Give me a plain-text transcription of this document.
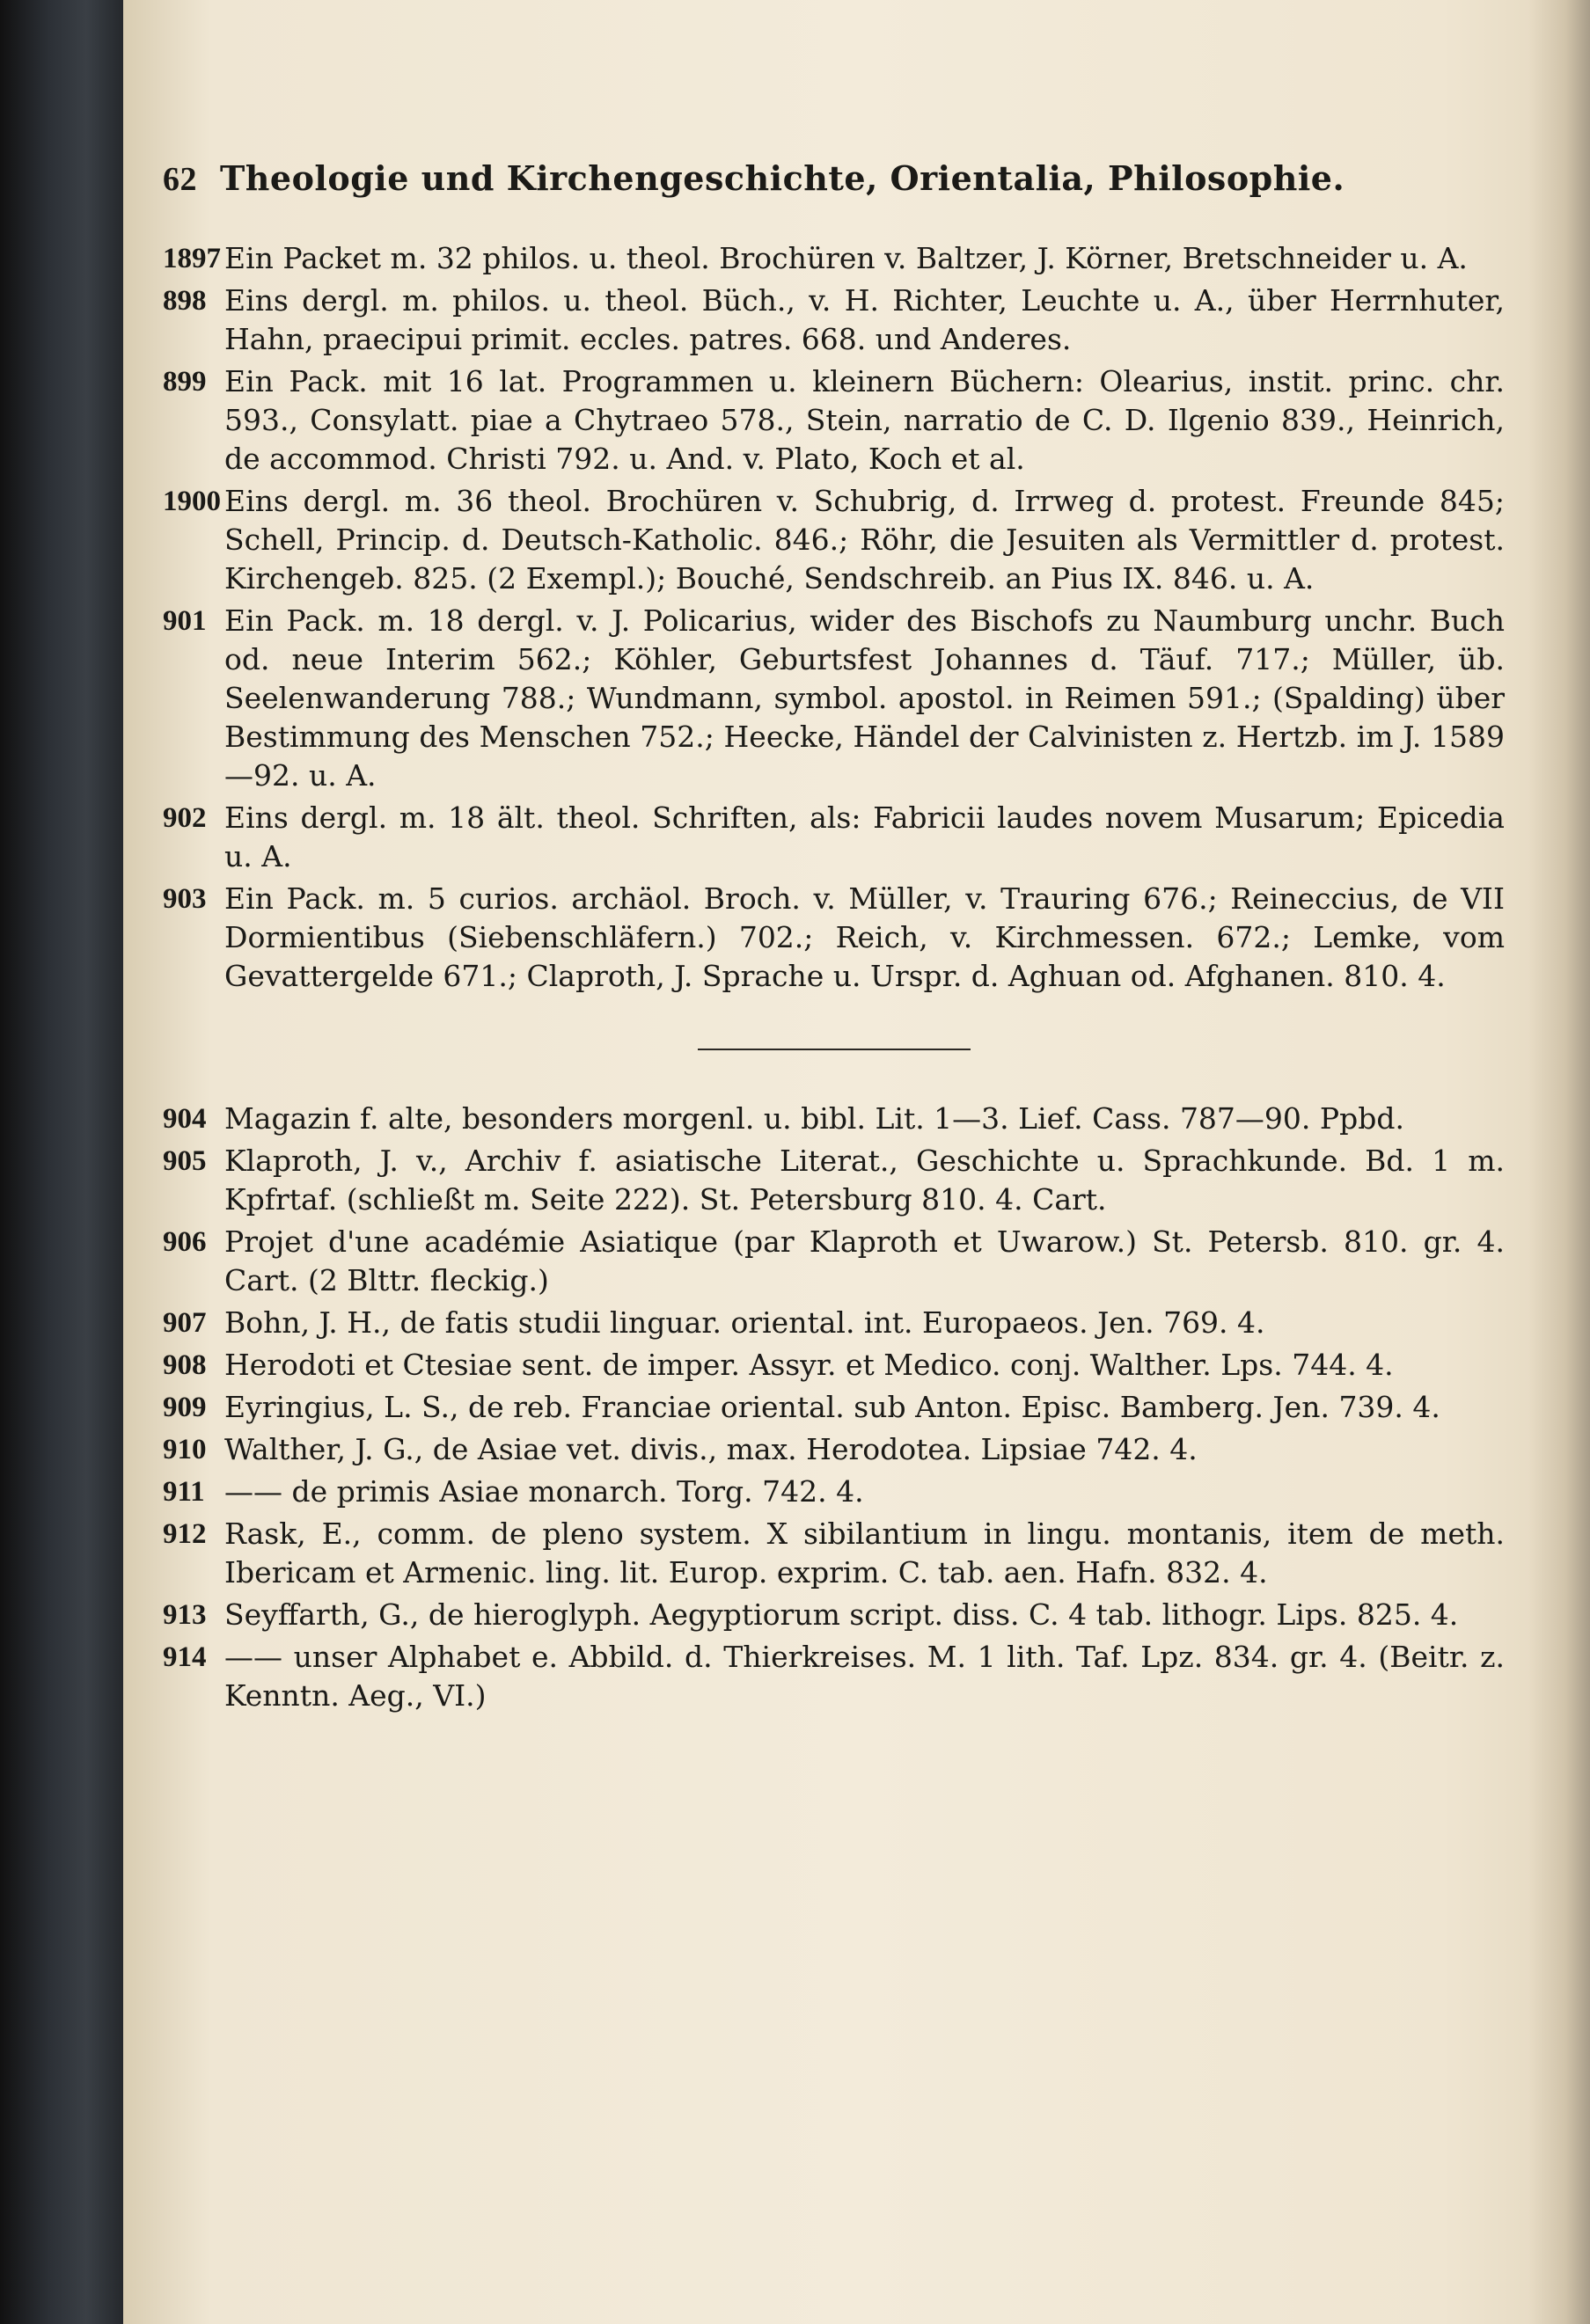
62 Theologie und Kirchengeschichte, Orientalia, Philosophie.
1897 Ein Packet m. 32 philos. u. theol. Brochüren v. Baltzer, J. Körner, Bretschneider u. A.
898 Eins dergl. m. philos. u. theol. Büch., v. H. Richter, Leuchte u. A., über Herrnhuter, Hahn, praecipui primit. eccles. patres. 668. und Anderes.
899 Ein Pack. mit 16 lat. Programmen u. kleinern Büchern: Olearius, instit. princ. chr. 593., Consylatt. piae a Chytraeo 578., Stein, narratio de C. D. Ilgenio 839., Heinrich, de accommod. Christi 792. u. And. v. Plato, Koch et al.
1900 Eins dergl. m. 36 theol. Brochüren v. Schubrig, d. Irrweg d. protest. Freunde 845; Schell, Princip. d. Deutsch-Katholic. 846.; Röhr, die Jesuiten als Vermittler d. protest. Kirchengeb. 825. (2 Exempl.); Bouché, Sendschreib. an Pius IX. 846. u. A.
901 Ein Pack. m. 18 dergl. v. J. Policarius, wider des Bischofs zu Naumburg unchr. Buch od. neue Interim 562.; Köhler, Geburtsfest Johannes d. Täuf. 717.; Müller, üb. Seelenwanderung 788.; Wundmann, symbol. apostol. in Reimen 591.; (Spalding) über Bestimmung des Menschen 752.; Heecke, Händel der Calvinisten z. Hertzb. im J. 1589—92. u. A.
902 Eins dergl. m. 18 ält. theol. Schriften, als: Fabricii laudes novem Musarum; Epicedia u. A.
903 Ein Pack. m. 5 curios. archäol. Broch. v. Müller, v. Trauring 676.; Reineccius, de VII Dormientibus (Siebenschläfern.) 702.; Reich, v. Kirchmessen. 672.; Lemke, vom Gevattergelde 671.; Claproth, J. Sprache u. Urspr. d. Aghuan od. Afghanen. 810. 4.
904 Magazin f. alte, besonders morgenl. u. bibl. Lit. 1—3. Lief. Cass. 787—90. Ppbd.
905 Klaproth, J. v., Archiv f. asiatische Literat., Geschichte u. Sprachkunde. Bd. 1 m. Kpfrtaf. (schließt m. Seite 222). St. Petersburg 810. 4. Cart.
906 Projet d'une académie Asiatique (par Klaproth et Uwarow.) St. Petersb. 810. gr. 4. Cart. (2 Blttr. fleckig.)
907 Bohn, J. H., de fatis studii linguar. oriental. int. Europaeos. Jen. 769. 4.
908 Herodoti et Ctesiae sent. de imper. Assyr. et Medico. conj. Walther. Lps. 744. 4.
909 Eyringius, L. S., de reb. Franciae oriental. sub Anton. Episc. Bamberg. Jen. 739. 4.
910 Walther, J. G., de Asiae vet. divis., max. Herodotea. Lipsiae 742. 4.
911 —— de primis Asiae monarch. Torg. 742. 4.
912 Rask, E., comm. de pleno system. X sibilantium in lingu. montanis, item de meth. Ibericam et Armenic. ling. lit. Europ. exprim. C. tab. aen. Hafn. 832. 4.
913 Seyffarth, G., de hieroglyph. Aegyptiorum script. diss. C. 4 tab. lithogr. Lips. 825. 4.
914 —— unser Alphabet e. Abbild. d. Thierkreises. M. 1 lith. Taf. Lpz. 834. gr. 4. (Beitr. z. Kenntn. Aeg., VI.)
